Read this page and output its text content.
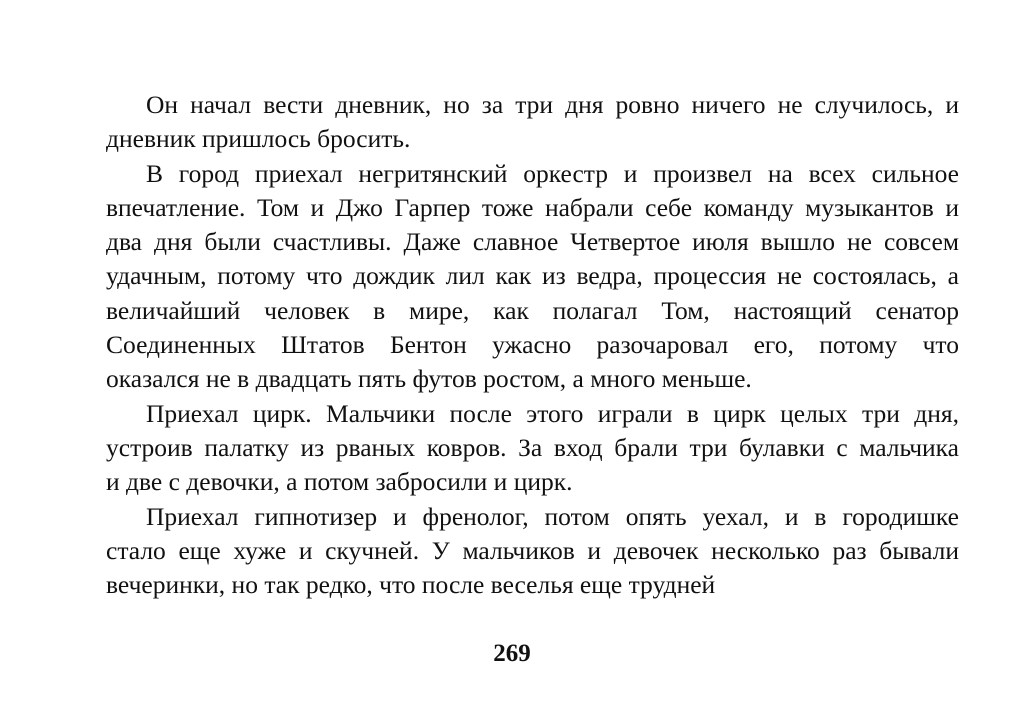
Он начал вести дневник, но за три дня ровно ничего не случилось, и
дневник пришлось бросить.
В город приехал негритянский оркестр и произвел на всех сильное
впечатление. Том и Джо Гарпер тоже набрали себе команду музыкантов и
два дня были счастливы. Даже славное Четвертое июля вышло не совсем
удачным, потому что дождик лил как из ведра, процессия не состоялась, а
величайший человек в мире, как полагал Том, настоящий сенатор
Соединенных Штатов Бентон ужасно разочаровал его, потому что
оказался не в двадцать пять футов ростом, а много меньше.
Приехал цирк. Мальчики после этого играли в цирк целых три дня,
устроив палатку из рваных ковров. За вход брали три булавки с мальчика
и две с девочки, а потом забросили и цирк.
Приехал гипнотизер и френолог, потом опять уехал, и в городишке
стало еще хуже и скучней. У мальчиков и девочек несколько раз бывали
вечеринки, но так редко, что после веселья еще трудней
269
